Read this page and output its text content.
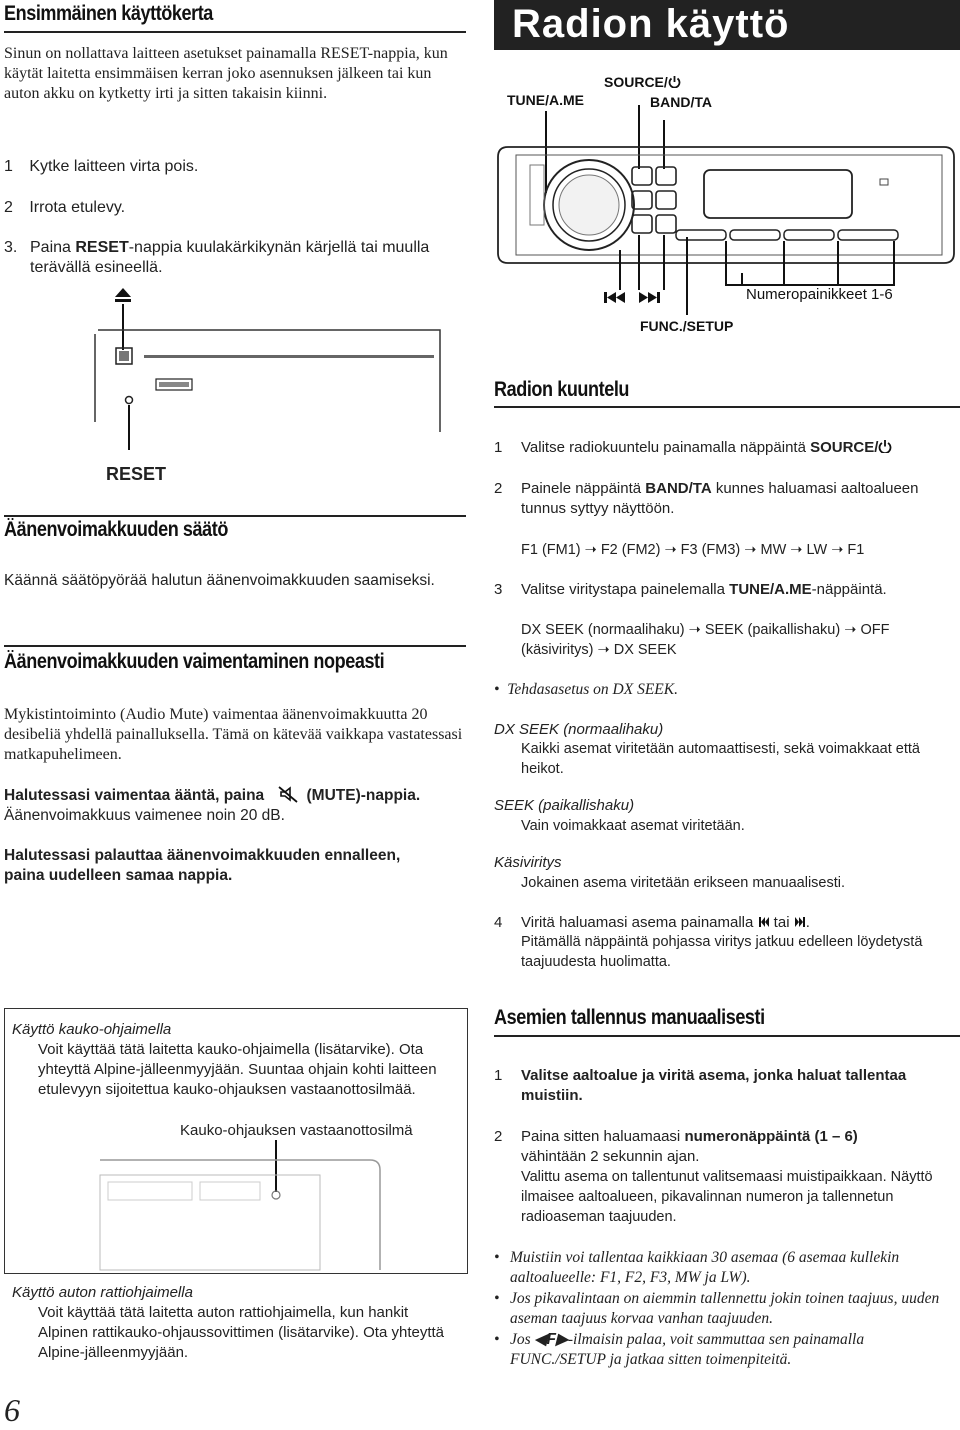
Ensimmäinen käyttökerta
Sinun on nollattava laitteen asetukset painamalla RESET-nappia, kun käytät laitetta ensimmäisen kerran joko asennuksen jälkeen tai kun auton akku on kytketty irti ja sitten takaisin kiinni.
1 Kytke laitteen virta pois.
2 Irrota etulevy.
3. Paina RESET-nappia kuulakärkikynän kärjellä tai muulla terävällä esineellä.
RESET
Äänenvoimakkuuden säätö
Käännä säätöpyörää halutun äänenvoimakkuuden saamiseksi.
Äänenvoimakkuuden vaimentaminen nopeasti
Mykistintoiminto (Audio Mute) vaimentaa äänenvoimakkuutta 20 desibeliä yhdellä painalluksella. Tämä on kätevää vaikkapa vastatessasi matkapuhelimeen.
Halutessasi vaimentaa ääntä, paina	(MUTE)-nappia.
Äänenvoimakkuus vaimenee noin 20 dB.
Halutessasi palauttaa äänenvoimakkuuden ennalleen, paina uudelleen samaa nappia.
Käyttö kauko-ohjaimella
Voit käyttää tätä laitetta kauko-ohjaimella (lisätarvike). Ota yhteyttä Alpine-jälleenmyyjään. Suuntaa ohjain kohti laitteen etulevyyn sijoitettua kauko-ohjauksen vastaanottosilmää.
Kauko-ohjauksen vastaanottosilmä
Käyttö auton rattiohjaimella
Voit käyttää tätä laitetta auton rattiohjaimella, kun hankit Alpinen rattikauko-ohjaussovittimen (lisätarvike). Ota yhteyttä Alpine-jälleenmyyjään.
6
Radion käyttö
TUNE/A.ME
SOURCE/
BAND/TA
Numeropainikkeet 1-6
FUNC./SETUP
Radion kuuntelu
1 Valitse radiokuuntelu painamalla näppäintä SOURCE/
2 Painele näppäintä BAND/TA kunnes haluamasi aaltoalueen tunnus syttyy näyttöön.
F1 (FM1) ➝ F2 (FM2) ➝ F3 (FM3) ➝ MW ➝ LW ➝ F1
3 Valitse viritystapa painelemalla TUNE/A.ME-näppäintä.
DX SEEK (normaalihaku) ➝ SEEK (paikallishaku) ➝ OFF
(käsiviritys) ➝ DX SEEK
•  Tehdasasetus on DX SEEK.
DX SEEK (normaalihaku)
Kaikki asemat viritetään automaattisesti, sekä voimakkaat että heikot.
SEEK (paikallishaku)
Vain voimakkaat asemat viritetään.
Käsiviritys
Jokainen asema viritetään erikseen manuaalisesti.
4 Viritä haluamasi asema painamalla  tai .
Pitämällä näppäintä pohjassa viritys jatkuu edelleen löydetystä taajuudesta huolimatta.
Asemien tallennus manuaalisesti
1 Valitse aaltoalue ja viritä asema, jonka haluat tallentaa muistiin.
2 Paina sitten haluamaasi numeronäppäintä (1 – 6)
vähintään 2 sekunnin ajan.
Valittu asema on tallentunut valitsemaasi muistipaikkaan. Näyttö ilmaisee aaltoalueen, pikavalinnan numeron ja tallennetun radioaseman taajuuden.
• Muistiin voi tallentaa kaikkiaan 30 asemaa (6 asemaa kullekin aaltoalueelle: F1, F2, F3, MW ja LW).
• Jos pikavalintaan on aiemmin tallennettu jokin toinen taajuus, uuden aseman taajuus korvaa vanhan taajuuden.
• Jos ◀F▶-ilmaisin palaa, voit sammuttaa sen painamalla FUNC./SETUP ja jatkaa sitten toimenpiteitä.
